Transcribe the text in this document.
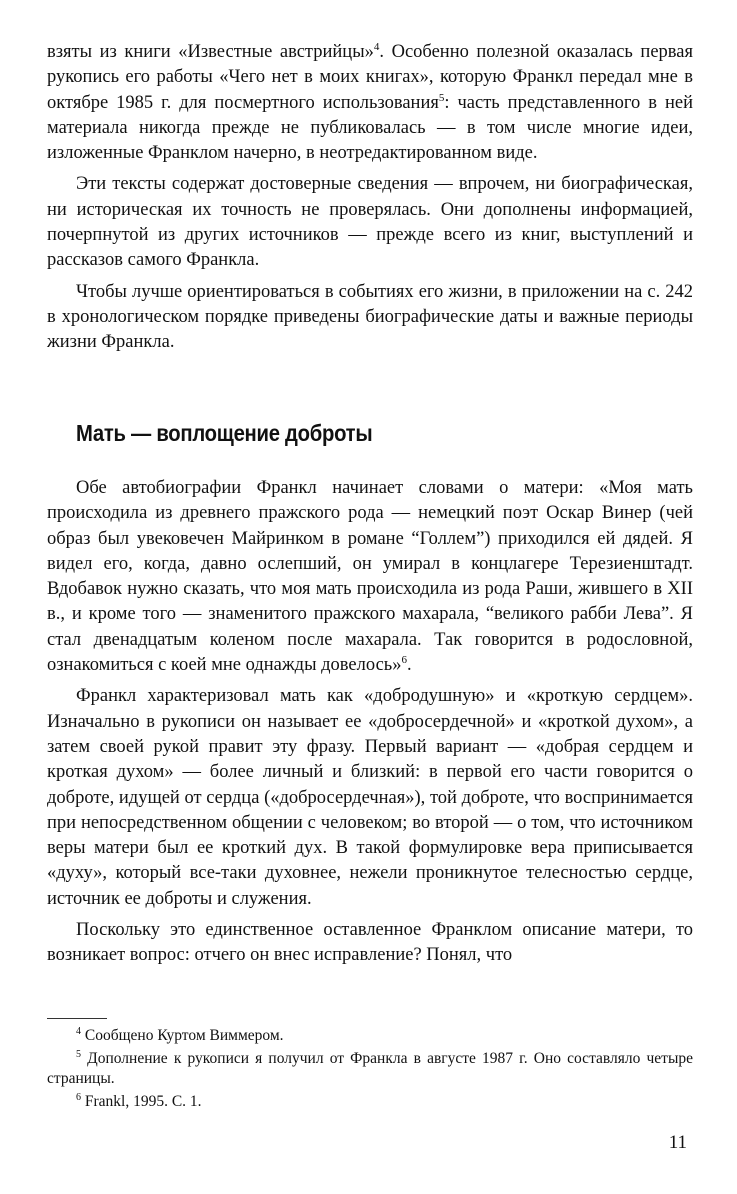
взяты из книги «Известные австрийцы»$^4$. Особенно полезной оказалась первая рукопись его работы «Чего нет в моих книгах», которую Франкл передал мне в октябре 1985 г. для посмертного использования$^5$: часть представленного в ней материала никогда прежде не публиковалась — в том числе многие идеи, изложенные Франклом начерно, в неотредактированном виде.

Эти тексты содержат достоверные сведения — впрочем, ни биографическая, ни историческая их точность не проверялась. Они дополнены информацией, почерпнутой из других источников — прежде всего из книг, выступлений и рассказов самого Франкла.

Чтобы лучше ориентироваться в событиях его жизни, в приложении на с. 242 в хронологическом порядке приведены биографические даты и важные периоды жизни Франкла.

Мать — воплощение доброты

Обе автобиографии Франкл начинает словами о матери: «Моя мать происходила из древнего пражского рода — немецкий поэт Оскар Винер (чей образ был увековечен Майринком в романе “Голлем”) приходился ей дядей. Я видел его, когда, давно ослепший, он умирал в концлагере Терезиенштадт. Вдобавок нужно сказать, что моя мать происходила из рода Раши, жившего в XII в., и кроме того — знаменитого пражского махарала, “великого рабби Лева”. Я стал двенадцатым коленом после махарала. Так говорится в родословной, ознакомиться с коей мне однажды довелось»$^6$.

Франкл характеризовал мать как «добродушную» и «кроткую сердцем». Изначально в рукописи он называет ее «добросердечной» и «кроткой духом», а затем своей рукой правит эту фразу. Первый вариант — «добрая сердцем и кроткая духом» — более личный и близкий: в первой его части говорится о доброте, идущей от сердца («добросердечная»), той доброте, что воспринимается при непосредственном общении с человеком; во второй — о том, что источником веры матери был ее кроткий дух. В такой формулировке вера приписывается «духу», который все-таки духовнее, нежели проникнутое телесностью сердце, источник ее доброты и служения.

Поскольку это единственное оставленное Франклом описание матери, то возникает вопрос: отчего он внес исправление? Понял, что

$^4$ Сообщено Куртом Виммером.

$^5$ Дополнение к рукописи я получил от Франкла в августе 1987 г. Оно составляло четыре страницы.

$^6$ Frankl, 1995. С. 1.

11
